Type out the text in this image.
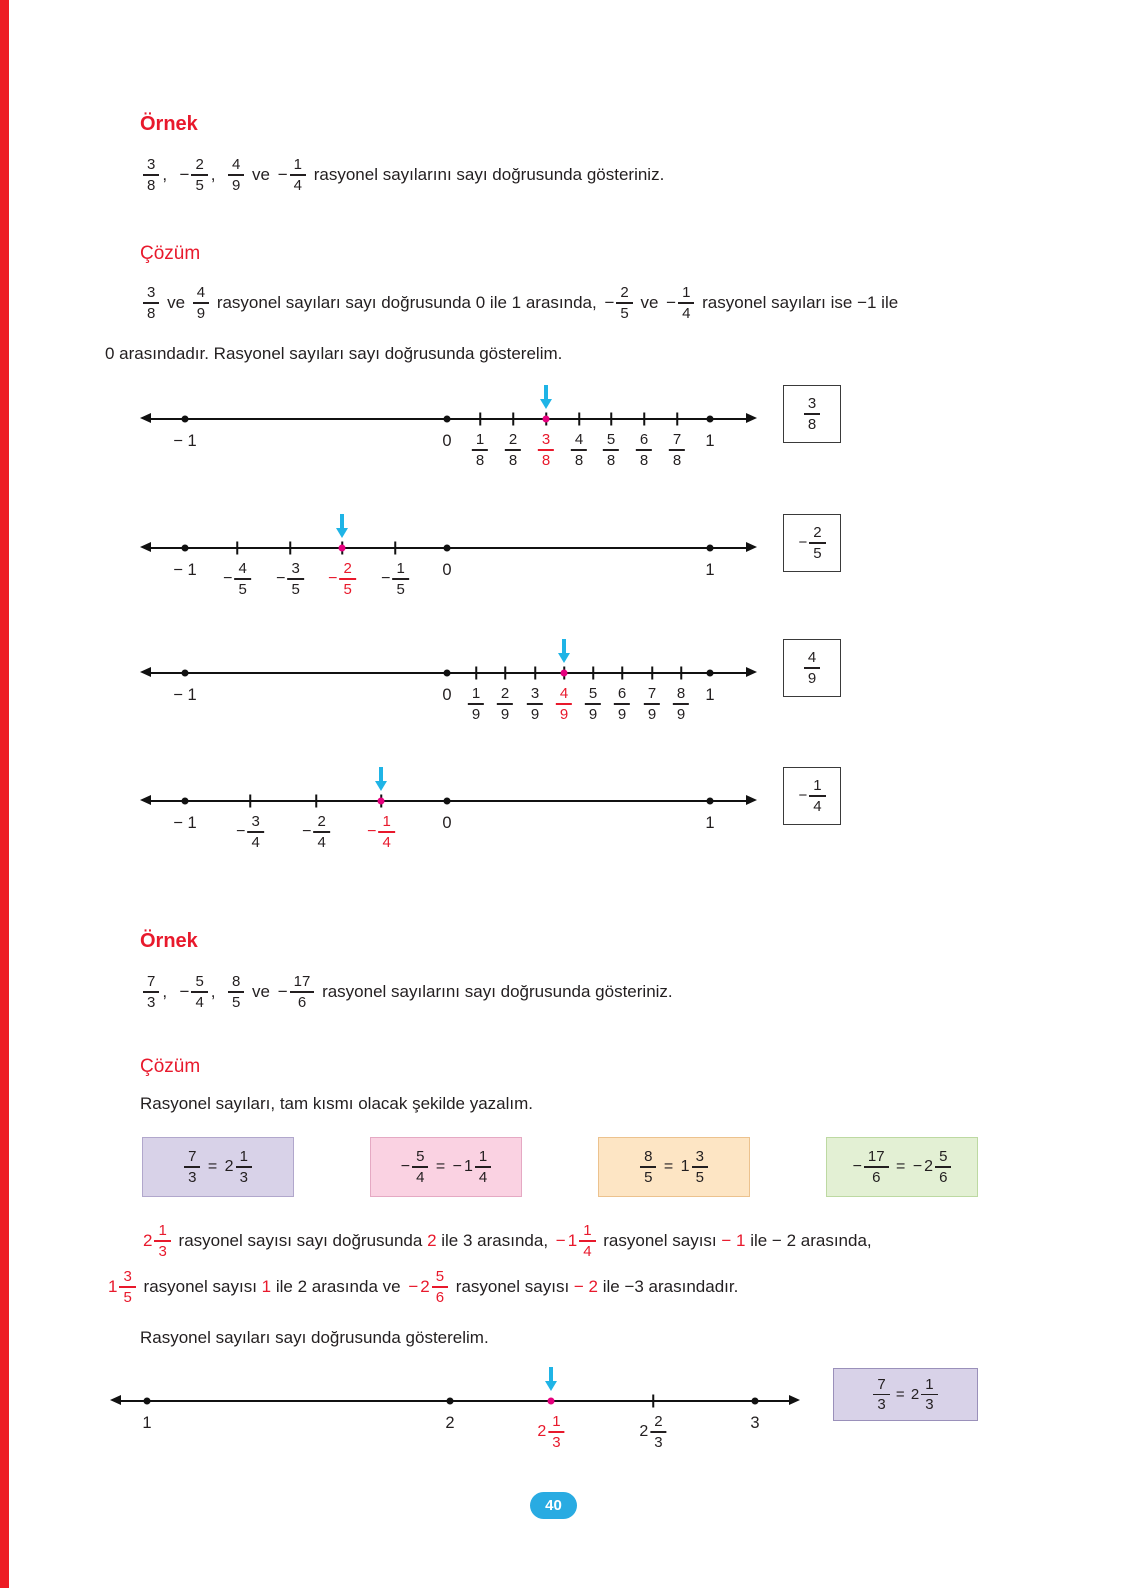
Örnek
$\frac{3}{8}$ , − $\frac{2}{5}$ , $\frac{4}{9}$ ve − $\frac{1}{4}$ rasyonel sayılarını sayı doğrusunda gösteriniz.
Çözüm
$\frac{3}{8}$ ve $\frac{4}{9}$ rasyonel sayıları sayı doğrusunda 0 ile 1 arasında, − $\frac{2}{5}$ ve − $\frac{1}{4}$ rasyonel sayıları ise −1 ile
0 arasındadır. Rasyonel sayıları sayı doğrusunda gösterelim.
− 1	0	1
$\frac{1}{8} \frac{2}{8} \frac{3}{8} \frac{4}{8} \frac{5}{8} \frac{6}{8} \frac{7}{8}$
$\frac{3}{8}$
− 1	0	1
− $\frac{4}{5} - \frac{3}{5} - \frac{2}{5} - \frac{1}{5}$
− $\frac{2}{5}$
− 1	0	1
$\frac{1}{9} \frac{2}{9} \frac{3}{9} \frac{4}{9} \frac{5}{9} \frac{6}{9} \frac{7}{9} \frac{8}{9}$
$\frac{4}{9}$
− 1	0	1
− $\frac{3}{4} - \frac{2}{4} - \frac{1}{4}$
− $\frac{1}{4}$
1	2	3
$2 \frac{1}{3}$	$2 \frac{2}{3}$
$\frac{7}{3} = 2 \frac{1}{3}$
Örnek
$\frac{7}{3}$ , − $\frac{5}{4}$ , $\frac{8}{5}$ ve − $\frac{17}{6}$ rasyonel sayılarını sayı doğrusunda gösteriniz.
Çözüm
Rasyonel sayıları, tam kısmı olacak şekilde yazalım.
$\frac{7}{3} = 2 \frac{1}{3}$	− $\frac{5}{4}$ = − $1 \frac{1}{4}$	$\frac{8}{5} = 1 \frac{3}{5}$	− $\frac{17}{6}$ = − $2 \frac{5}{6}$
$2 \frac{1}{3}$ rasyonel sayısı sayı doğrusunda 2 ile 3 arasında, − $1 \frac{1}{4}$ rasyonel sayısı − 1 ile − 2 arasında,
$1 \frac{3}{5}$ rasyonel sayısı 1 ile 2 arasında ve − $2 \frac{5}{6}$ rasyonel sayısı − 2 ile −3 arasındadır.
Rasyonel sayıları sayı doğrusunda gösterelim.
40
